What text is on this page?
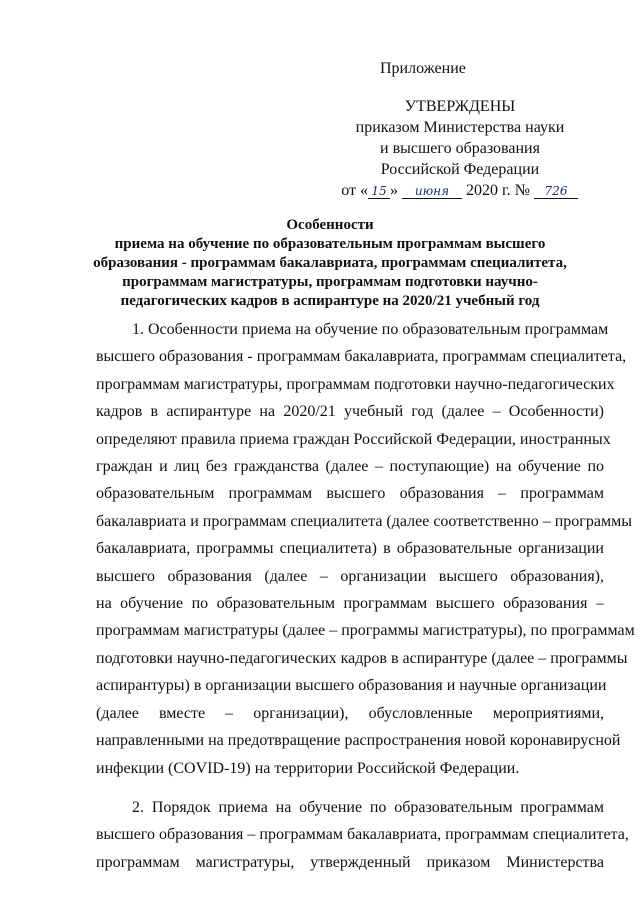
Приложение
УТВЕРЖДЕНЫ
приказом Министерства науки
и высшего образования
Российской Федерации
от « 15 » июня 2020 г. № 726
Особенности
приема на обучение по образовательным программам высшего
образования - программам бакалавриата, программам специалитета,
программам магистратуры, программам подготовки научно-
педагогических кадров в аспирантуре на 2020/21 учебный год
1. Особенности приема на обучение по образовательным программам
высшего образования - программам бакалавриата, программам специалитета,
программам магистратуры, программам подготовки научно-педагогических
кадров в аспирантуре на 2020/21 учебный год (далее – Особенности)
определяют правила приема граждан Российской Федерации, иностранных
граждан и лиц без гражданства (далее – поступающие) на обучение по
образовательным программам высшего образования – программам
бакалавриата и программам специалитета (далее соответственно – программы
бакалавриата, программы специалитета) в образовательные организации
высшего образования (далее – организации высшего образования),
на обучение по образовательным программам высшего образования –
программам магистратуры (далее – программы магистратуры), по программам
подготовки научно-педагогических кадров в аспирантуре (далее – программы
аспирантуры) в организации высшего образования и научные организации
(далее вместе – организации), обусловленные мероприятиями,
направленными на предотвращение распространения новой коронавирусной
инфекции (COVID-19) на территории Российской Федерации.
2. Порядок приема на обучение по образовательным программам
высшего образования – программам бакалавриата, программам специалитета,
программам магистратуры, утвержденный приказом Министерства
